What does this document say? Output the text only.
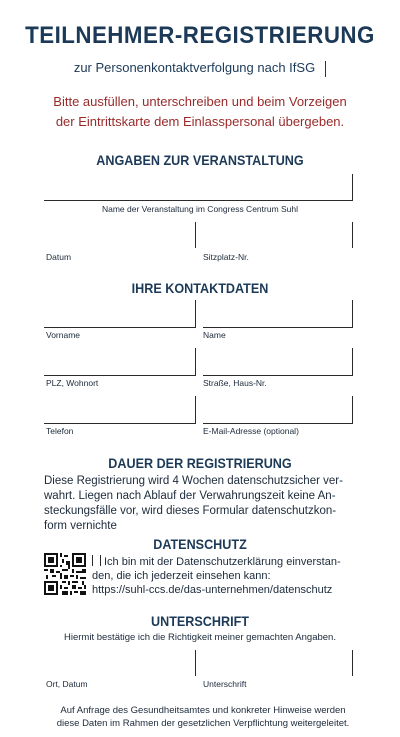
TEILNEHMER-REGISTRIERUNG
zur Personenkontaktverfolgung nach IfSG
Bitte ausfüllen, unterschreiben und beim Vorzeigen
der Eintrittskarte dem Einlasspersonal übergeben.
ANGABEN ZUR VERANSTALTUNG
Name der Veranstaltung im Congress Centrum Suhl
Datum	Sitzplatz-Nr.
IHRE KONTAKTDATEN
Vorname	Name
PLZ, Wohnort	Straße, Haus-Nr.
Telefon	E-Mail-Adresse (optional)
DAUER DER REGISTRIERUNG
Diese Registrierung wird 4 Wochen datenschutzsicher ver-
wahrt. Liegen nach Ablauf der Verwahrungszeit keine An-
steckungsfälle vor, wird dieses Formular datenschutzkon-
form vernichte
DATENSCHUTZ
Ich bin mit der Datenschutzerklärung einverstan-
den, die ich jederzeit einsehen kann:
https://suhl-ccs.de/das-unternehmen/datenschutz
UNTERSCHRIFT
Hiermit bestätige ich die Richtigkeit meiner gemachten Angaben.
Ort, Datum	Unterschrift
Auf Anfrage des Gesundheitsamtes und konkreter Hinweise werden
diese Daten im Rahmen der gesetzlichen Verpflichtung weitergeleitet.
